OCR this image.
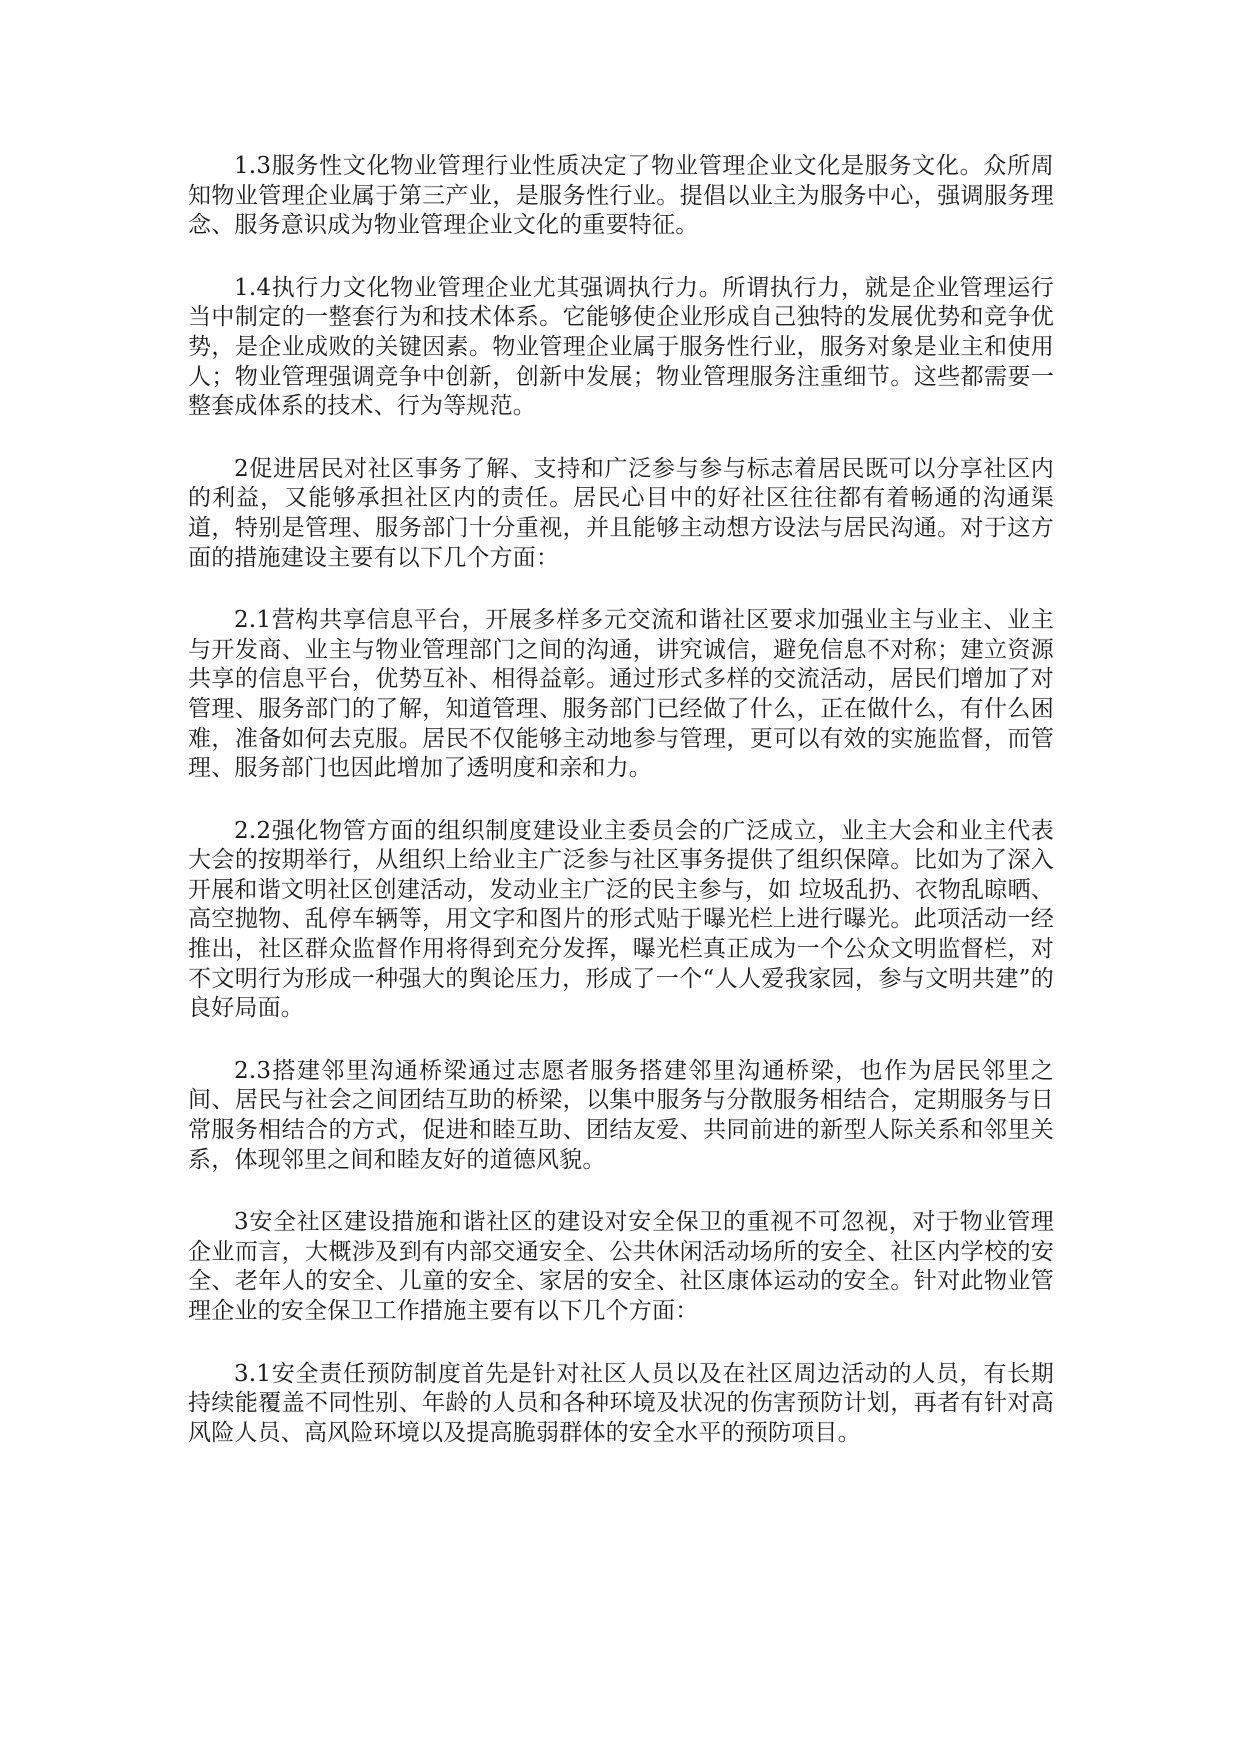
1.3服务性文化物业管理行业性质决定了物业管理企业文化是服务文化。众所周知物业管理企业属于第三产业，是服务性行业。提倡以业主为服务中心，强调服务理念、服务意识成为物业管理企业文化的重要特征。

1.4执行力文化物业管理企业尤其强调执行力。所谓执行力，就是企业管理运行当中制定的一整套行为和技术体系。它能够使企业形成自己独特的发展优势和竞争优势，是企业成败的关键因素。物业管理企业属于服务性行业，服务对象是业主和使用人；物业管理强调竞争中创新，创新中发展；物业管理服务注重细节。这些都需要一整套成体系的技术、行为等规范。

2促进居民对社区事务了解、支持和广泛参与参与标志着居民既可以分享社区内的利益，又能够承担社区内的责任。居民心目中的好社区往往都有着畅通的沟通渠道，特别是管理、服务部门十分重视，并且能够主动想方设法与居民沟通。对于这方面的措施建设主要有以下几个方面：

2.1营构共享信息平台，开展多样多元交流和谐社区要求加强业主与业主、业主与开发商、业主与物业管理部门之间的沟通，讲究诚信，避免信息不对称；建立资源共享的信息平台，优势互补、相得益彰。通过形式多样的交流活动，居民们增加了对管理、服务部门的了解，知道管理、服务部门已经做了什么，正在做什么，有什么困难，准备如何去克服。居民不仅能够主动地参与管理，更可以有效的实施监督，而管理、服务部门也因此增加了透明度和亲和力。

2.2强化物管方面的组织制度建设业主委员会的广泛成立，业主大会和业主代表大会的按期举行，从组织上给业主广泛参与社区事务提供了组织保障。比如为了深入开展和谐文明社区创建活动，发动业主广泛的民主参与，如 垃圾乱扔、衣物乱晾晒、高空抛物、乱停车辆等，用文字和图片的形式贴于曝光栏上进行曝光。此项活动一经推出，社区群众监督作用将得到充分发挥，曝光栏真正成为一个公众文明监督栏，对不文明行为形成一种强大的舆论压力，形成了一个“人人爱我家园，参与文明共建”的良好局面。

2.3搭建邻里沟通桥梁通过志愿者服务搭建邻里沟通桥梁，也作为居民邻里之间、居民与社会之间团结互助的桥梁，以集中服务与分散服务相结合，定期服务与日常服务相结合的方式，促进和睦互助、团结友爱、共同前进的新型人际关系和邻里关系，体现邻里之间和睦友好的道德风貌。

3安全社区建设措施和谐社区的建设对安全保卫的重视不可忽视，对于物业管理企业而言，大概涉及到有内部交通安全、公共休闲活动场所的安全、社区内学校的安全、老年人的安全、儿童的安全、家居的安全、社区康体运动的安全。针对此物业管理企业的安全保卫工作措施主要有以下几个方面：

3.1安全责任预防制度首先是针对社区人员以及在社区周边活动的人员，有长期持续能覆盖不同性别、年龄的人员和各种环境及状况的伤害预防计划，再者有针对高风险人员、高风险环境以及提高脆弱群体的安全水平的预防项目。
